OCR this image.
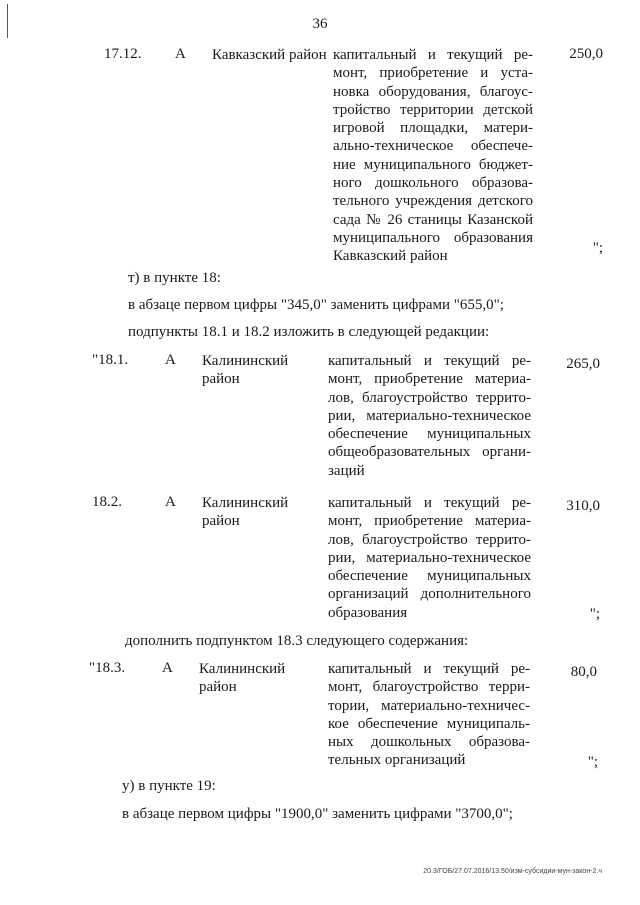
36
17.12. А Кавказский район капитальный и текущий ре-
монт, приобретение и уста-
новка оборудования, благоус-
тройство территории детской
игровой площадки, матери-
ально-техническое обеспече-
ние муниципального бюджет-
ного дошкольного образова-
тельного учреждения детского
сада № 26 станицы Казанской
муниципального образования
Кавказский район
250,0
";
т) в пункте 18:
в абзаце первом цифры "345,0" заменить цифрами "655,0";
подпункты 18.1 и 18.2 изложить в следующей редакции:
"18.1. А Калининский
район
капитальный и текущий ре-
монт, приобретение материа-
лов, благоустройство террито-
рии, материально-техническое
обеспечение муниципальных
общеобразовательных органи-
заций
265,0
18.2.	А Калининский
район
капитальный и текущий ре-
монт, приобретение материа-
лов, благоустройство террито-
рии, материально-техническое
обеспечение муниципальных
организаций дополнительного
образования
310,0
";
дополнить подпунктом 18.3 следующего содержания:
"18.3. А Калининский
район
капитальный и текущий ре-
монт, благоустройство терри-
тории, материально-техничес-
кое обеспечение муниципаль-
ных дошкольных образова-
тельных организаций
80,0
";
у) в пункте 19:
в абзаце первом цифры "1900,0" заменить цифрами "3700,0";
20.3/ГОБ/27.07.2016/13.50/изм-субсидии-мун-закон-2.ч
